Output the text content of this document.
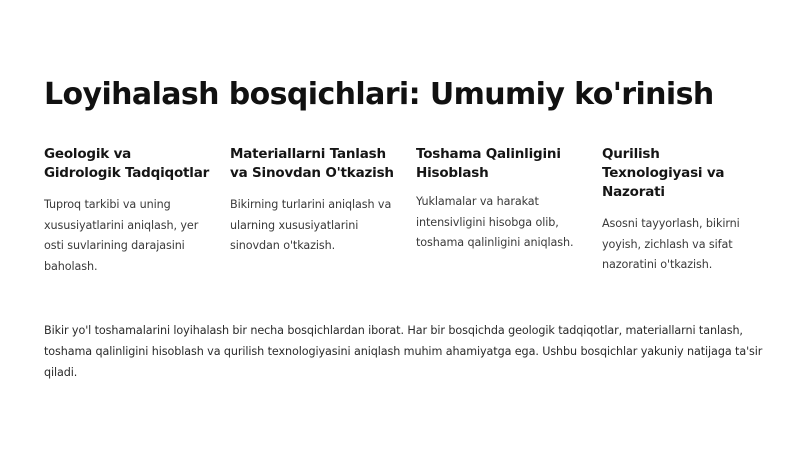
Loyihalash bosqichlari: Umumiy ko'rinish
Geologik va Gidrologik Tadqiqotlar
Tuproq tarkibi va uning xususiyatlarini aniqlash, yer osti suvlarining darajasini baholash.
Materiallarni Tanlash va Sinovdan O'tkazish
Bikirning turlarini aniqlash va ularning xususiyatlarini sinovdan o'tkazish.
Toshama Qalinligini Hisoblash
Yuklamalar va harakat intensivligini hisobga olib, toshama qalinligini aniqlash.
Qurilish Texnologiyasi va Nazorati
Asosni tayyorlash, bikirni yoyish, zichlash va sifat nazoratini o'tkazish.

Bikir yo'l toshamalarini loyihalash bir necha bosqichlardan iborat. Har bir bosqichda geologik tadqiqotlar, materiallarni tanlash, toshama qalinligini hisoblash va qurilish texnologiyasini aniqlash muhim ahamiyatga ega. Ushbu bosqichlar yakuniy natijaga ta'sir qiladi.
